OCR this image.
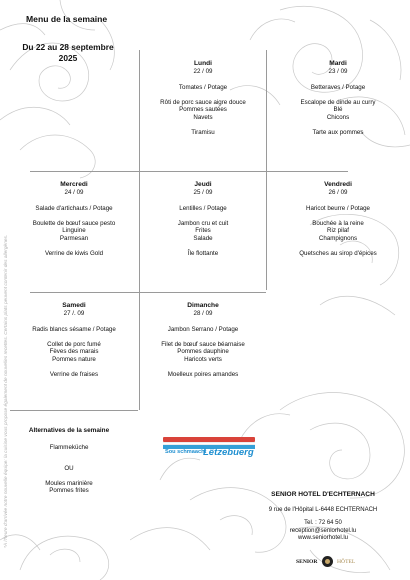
Menu de la semaine
Du 22 au 28 septembre
2025
Lundi
22 / 09
Tomates / Potage
Rôti de porc sauce aigre douce
Pommes sautées
Navets
Tiramisu
Mardi
23 / 09
Betteraves / Potage
Escalope de dinde au curry
Blé
Chicons
Tarte aux pommes
Mercredi
24 / 09
Salade d'artichauts / Potage
Boulette de bœuf sauce pesto
Linguine
Parmesan
Verrine de kiwis Gold
Jeudi
25 / 09
Lentilles / Potage
Jambon cru et cuit
Frites
Salade
Île flottante
Vendredi
26 / 09
Haricot beurre / Potage
Bouchée à la reine
Riz pilaf
Champignons
Quetsches au sirop d'épices
Samedi
27 /. 09
Radis blancs sésame / Potage
Collet de porc fumé
Fèves des marais
Pommes nature
Verrine de fraises
Dimanche
28 / 09
Jambon Serrano / Potage
Filet de bœuf sauce béarnaise
Pommes dauphine
Haricots verts
Moelleux poires amandes
Alternatives de la semaine
Flammeküche
OU
Moules marinière
Pommes frites
Sou schmaacht
Lëtzebuerg
SENIOR HOTEL D'ECHTERNACH
9 rue de l'Hôpital L-6448 ECHTERNACH
Tel. : 72 64 50
reception@seniorhotel.lu
www.seniorhotel.lu
SENIOR	HÔTEL
*À l'heure d'arrivée notre nouvelle équipe: la cuisine vous propose également de nouvelles recettes. Certains plats peuvent contenir des allergènes.
